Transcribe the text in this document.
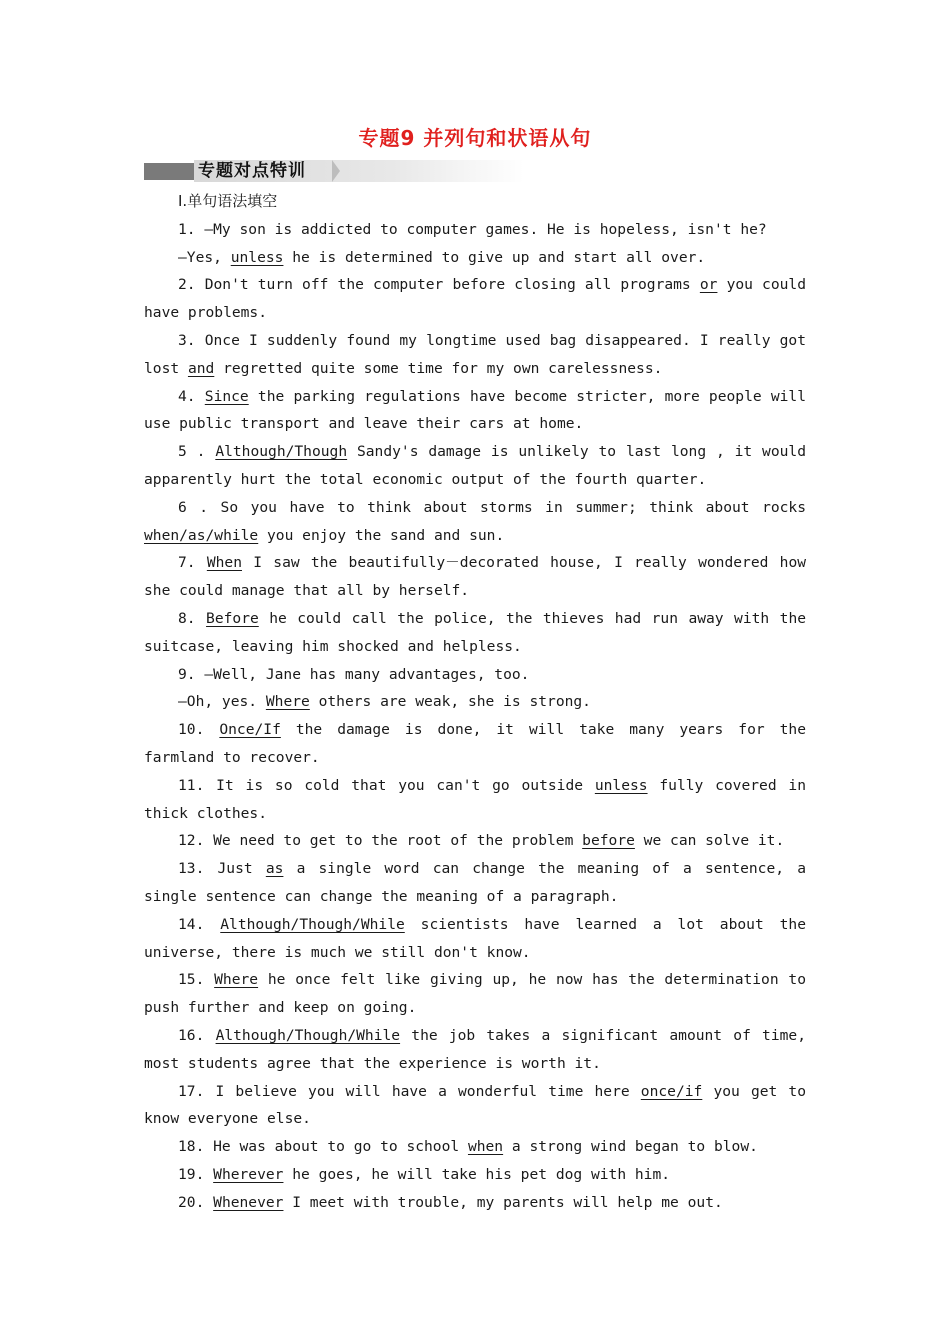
专题9 并列句和状语从句
专题对点特训

Ⅰ.单句语法填空

1. —My son is addicted to computer games. He is hopeless, isn't he?

—Yes, unless he is determined to give up and start all over.

2. Don't turn off the computer before closing all programs or you could have problems.

3. Once I suddenly found my longtime used bag disappeared. I really got lost and regretted quite some time for my own carelessness.

4. Since the parking regulations have become stricter, more people will use public transport and leave their cars at home.

5 . Although/Though Sandy's damage is unlikely to last long , it would apparently hurt the total economic output of the fourth quarter.

6 . So you have to think about storms in summer; think about rocks when/as/while you enjoy the sand and sun.

7. When I saw the beautifully－decorated house, I really wondered how she could manage that all by herself.

8. Before he could call the police, the thieves had run away with the suitcase, leaving him shocked and helpless.

9. —Well, Jane has many advantages, too.

—Oh, yes. Where others are weak, she is strong.

10. Once/If the damage is done, it will take many years for the farmland to recover.

11. It is so cold that you can't go outside unless fully covered in thick clothes.

12. We need to get to the root of the problem before we can solve it.

13. Just as a single word can change the meaning of a sentence, a single sentence can change the meaning of a paragraph.

14. Although/Though/While scientists have learned a lot about the universe, there is much we still don't know.

15. Where he once felt like giving up, he now has the determination to push further and keep on going.

16. Although/Though/While the job takes a significant amount of time, most students agree that the experience is worth it.

17. I believe you will have a wonderful time here once/if you get to know everyone else.

18. He was about to go to school when a strong wind began to blow.

19. Wherever he goes, he will take his pet dog with him.

20. Whenever I meet with trouble, my parents will help me out.
